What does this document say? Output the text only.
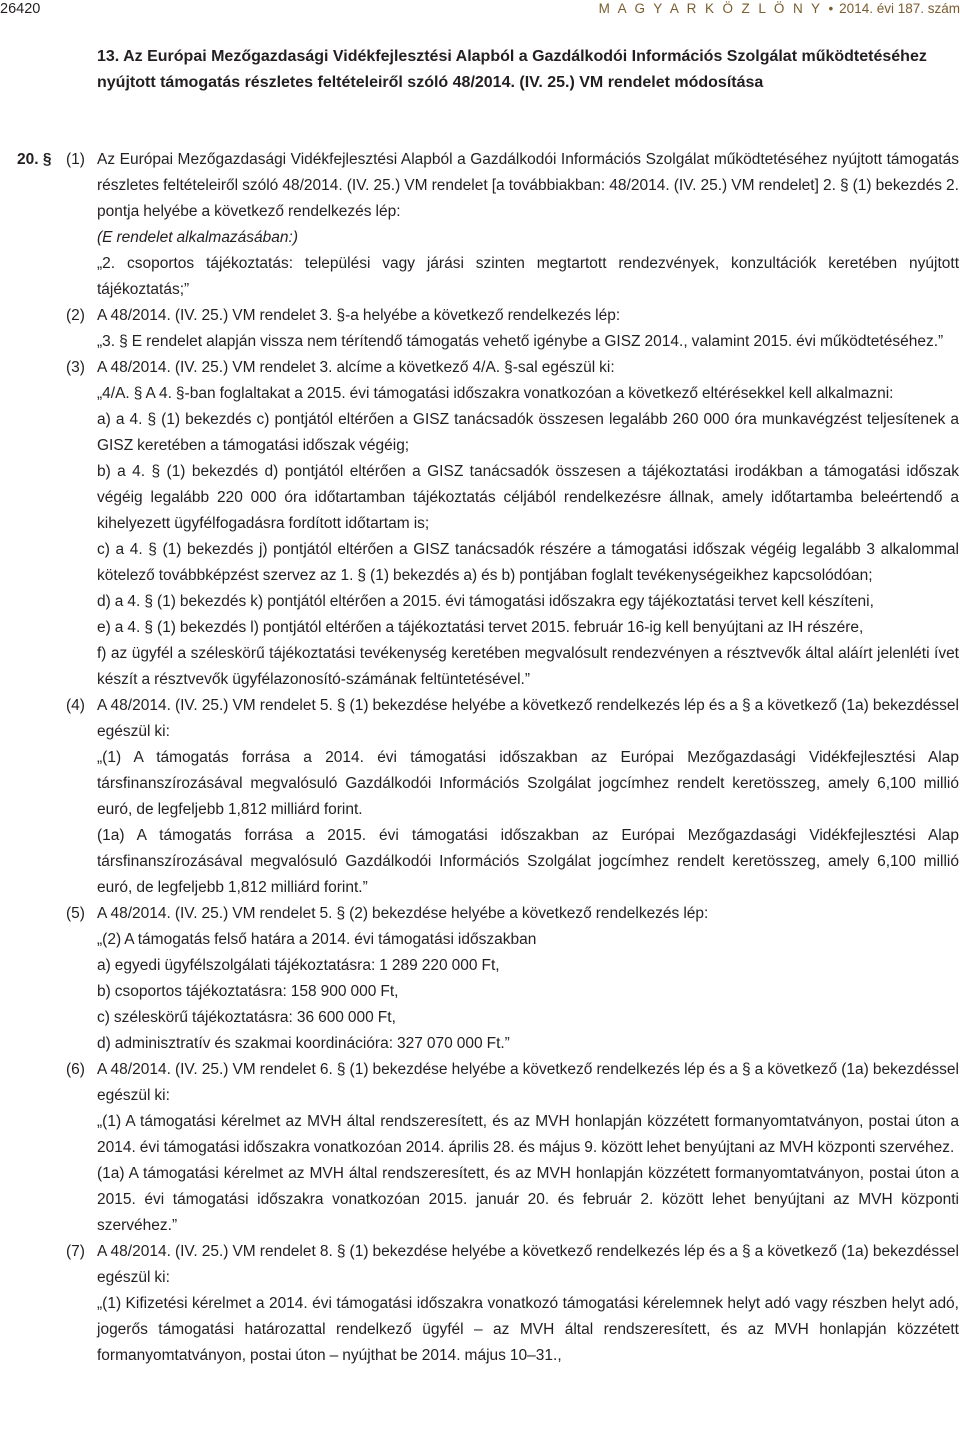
26420	M A G Y A R K Ö Z L Ö N Y • 2014. évi 187. szám
13. Az Európai Mezőgazdasági Vidékfejlesztési Alapból a Gazdálkodói Információs Szolgálat működtetéséhez nyújtott támogatás részletes feltételeiről szóló 48/2014. (IV. 25.) VM rendelet módosítása
20. § (1) Az Európai Mezőgazdasági Vidékfejlesztési Alapból a Gazdálkodói Információs Szolgálat működtetéséhez nyújtott támogatás részletes feltételeiről szóló 48/2014. (IV. 25.) VM rendelet [a továbbiakban: 48/2014. (IV. 25.) VM rendelet] 2. § (1) bekezdés 2. pontja helyébe a következő rendelkezés lép:

(E rendelet alkalmazásában:)

„2. csoportos tájékoztatás: települési vagy járási szinten megtartott rendezvények, konzultációk keretében nyújtott tájékoztatás;”

(2) A 48/2014. (IV. 25.) VM rendelet 3. §-a helyébe a következő rendelkezés lép:

„3. § E rendelet alapján vissza nem térítendő támogatás vehető igénybe a GISZ 2014., valamint 2015. évi működtetéséhez.”

(3) A 48/2014. (IV. 25.) VM rendelet 3. alcíme a következő 4/A. §-sal egészül ki:

„4/A. § A 4. §-ban foglaltakat a 2015. évi támogatási időszakra vonatkozóan a következő eltérésekkel kell alkalmazni:

a) a 4. § (1) bekezdés c) pontjától eltérően a GISZ tanácsadók összesen legalább 260 000 óra munkavégzést teljesítenek a GISZ keretében a támogatási időszak végéig;

b) a 4. § (1) bekezdés d) pontjától eltérően a GISZ tanácsadók összesen a tájékoztatási irodákban a támogatási időszak végéig legalább 220 000 óra időtartamban tájékoztatás céljából rendelkezésre állnak, amely időtartamba beleértendő a kihelyezett ügyfélfogadásra fordított időtartam is;

c) a 4. § (1) bekezdés j) pontjától eltérően a GISZ tanácsadók részére a támogatási időszak végéig legalább 3 alkalommal kötelező továbbképzést szervez az 1. § (1) bekezdés a) és b) pontjában foglalt tevékenységeikhez kapcsolódóan;

d) a 4. § (1) bekezdés k) pontjától eltérően a 2015. évi támogatási időszakra egy tájékoztatási tervet kell készíteni,

e) a 4. § (1) bekezdés l) pontjától eltérően a tájékoztatási tervet 2015. február 16-ig kell benyújtani az IH részére,

f) az ügyfél a széleskörű tájékoztatási tevékenység keretében megvalósult rendezvényen a résztvevők által aláírt jelenléti ívet készít a résztvevők ügyfélazonosító-számának feltüntetésével.”

(4) A 48/2014. (IV. 25.) VM rendelet 5. § (1) bekezdése helyébe a következő rendelkezés lép és a § a következő (1a) bekezdéssel egészül ki:

„(1) A támogatás forrása a 2014. évi támogatási időszakban az Európai Mezőgazdasági Vidékfejlesztési Alap társfinanszírozásával megvalósuló Gazdálkodói Információs Szolgálat jogcímhez rendelt keretösszeg, amely 6,100 millió euró, de legfeljebb 1,812 milliárd forint.

(1a) A támogatás forrása a 2015. évi támogatási időszakban az Európai Mezőgazdasági Vidékfejlesztési Alap társfinanszírozásával megvalósuló Gazdálkodói Információs Szolgálat jogcímhez rendelt keretösszeg, amely 6,100 millió euró, de legfeljebb 1,812 milliárd forint.”

(5) A 48/2014. (IV. 25.) VM rendelet 5. § (2) bekezdése helyébe a következő rendelkezés lép:

„(2) A támogatás felső határa a 2014. évi támogatási időszakban

a) egyedi ügyfélszolgálati tájékoztatásra: 1 289 220 000 Ft,

b) csoportos tájékoztatásra: 158 900 000 Ft,

c) széleskörű tájékoztatásra: 36 600 000 Ft,

d) adminisztratív és szakmai koordinációra: 327 070 000 Ft.”

(6) A 48/2014. (IV. 25.) VM rendelet 6. § (1) bekezdése helyébe a következő rendelkezés lép és a § a következő (1a) bekezdéssel egészül ki:

„(1) A támogatási kérelmet az MVH által rendszeresített, és az MVH honlapján közzétett formanyomtatványon, postai úton a 2014. évi támogatási időszakra vonatkozóan 2014. április 28. és május 9. között lehet benyújtani az MVH központi szervéhez.

(1a) A támogatási kérelmet az MVH által rendszeresített, és az MVH honlapján közzétett formanyomtatványon, postai úton a 2015. évi támogatási időszakra vonatkozóan 2015. január 20. és február 2. között lehet benyújtani az MVH központi szervéhez.”

(7) A 48/2014. (IV. 25.) VM rendelet 8. § (1) bekezdése helyébe a következő rendelkezés lép és a § a következő (1a) bekezdéssel egészül ki:

„(1) Kifizetési kérelmet a 2014. évi támogatási időszakra vonatkozó támogatási kérelemnek helyt adó vagy részben helyt adó, jogerős támogatási határozattal rendelkező ügyfél – az MVH által rendszeresített, és az MVH honlapján közzétett formanyomtatványon, postai úton – nyújthat be 2014. május 10–31.,
